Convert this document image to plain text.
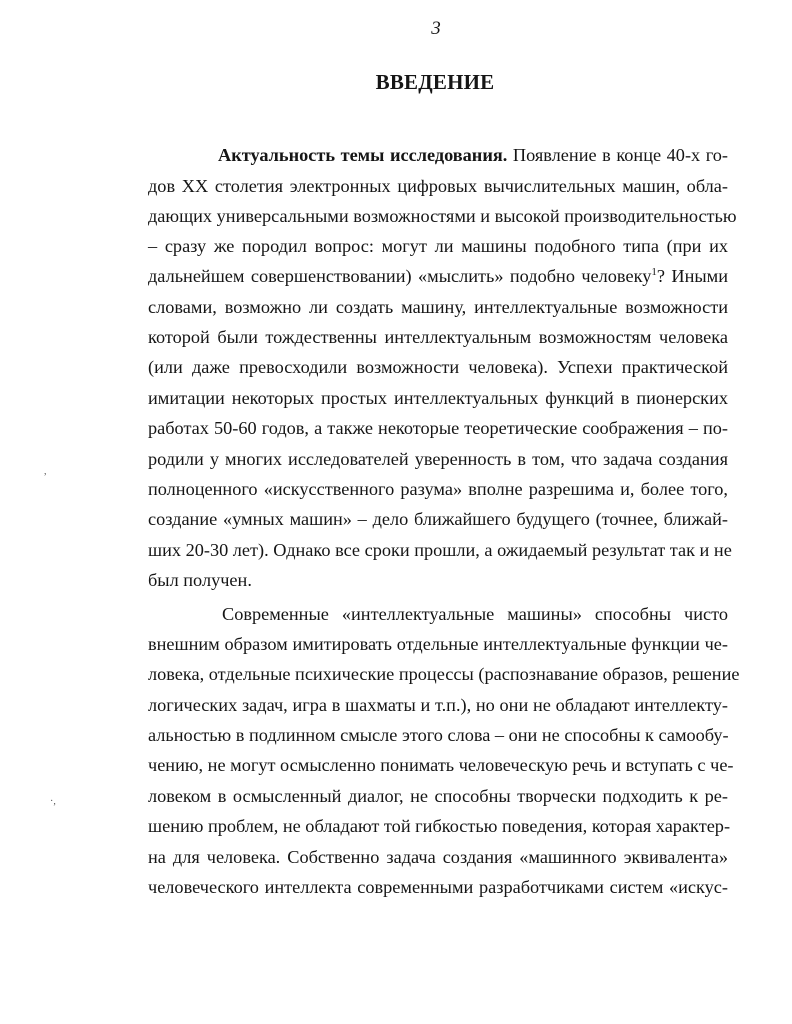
3
ВВЕДЕНИЕ
Актуальность темы исследования. Появление в конце 40-х го-
дов XX столетия электронных цифровых вычислительных машин, обла-
дающих универсальными возможностями и высокой производительностью
– сразу же породил вопрос: могут ли машины подобного типа (при их
дальнейшем совершенствовании) «мыслить» подобно человеку$^1$? Иными
словами, возможно ли создать машину, интеллектуальные возможности
которой были тождественны интеллектуальным возможностям человека
(или даже превосходили возможности человека). Успехи практической
имитации некоторых простых интеллектуальных функций в пионерских
работах 50-60 годов, а также некоторые теоретические соображения – по-
родили у многих исследователей уверенность в том, что задача создания
полноценного «искусственного разума» вполне разрешима и, более того,
создание «умных машин» – дело ближайшего будущего (точнее, ближай-
ших 20-30 лет). Однако все сроки прошли, а ожидаемый результат так и не
был получен.
Современные «интеллектуальные машины» способны чисто
внешним образом имитировать отдельные интеллектуальные функции че-
ловека, отдельные психические процессы (распознавание образов, решение
логических задач, игра в шахматы и т.п.), но они не обладают интеллекту-
альностью в подлинном смысле этого слова – они не способны к самообу-
чению, не могут осмысленно понимать человеческую речь и вступать с че-
ловеком в осмысленный диалог, не способны творчески подходить к ре-
шению проблем, не обладают той гибкостью поведения, которая характер-
на для человека. Собственно задача создания «машинного эквивалента»
человеческого интеллекта современными разработчиками систем «искус-
,
·,
